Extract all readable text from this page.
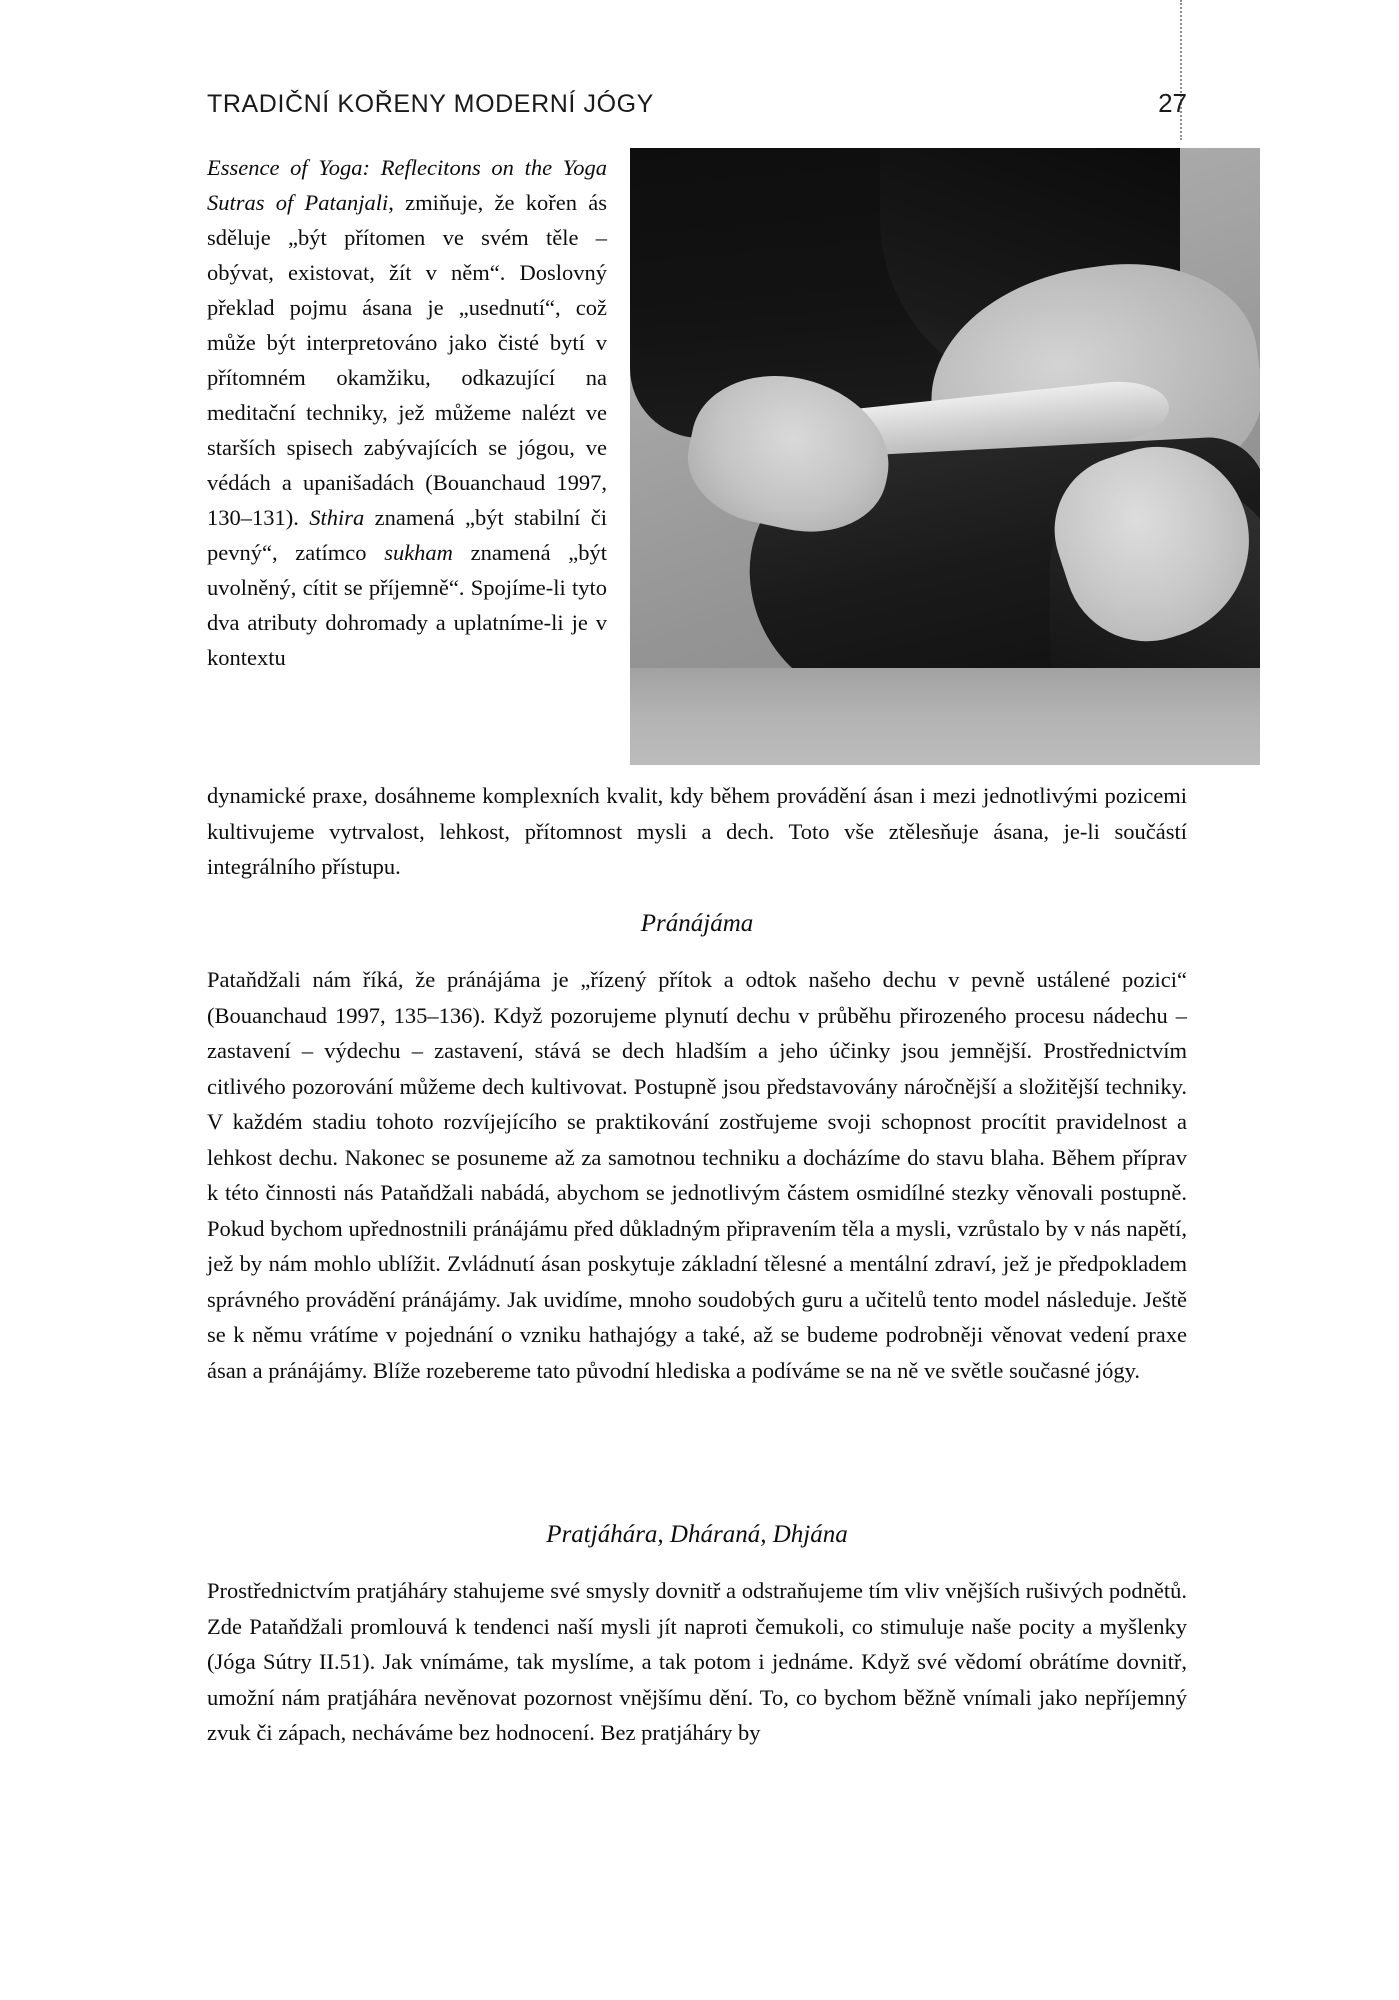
TRADIČNÍ KOŘENY MODERNÍ JÓGY	27

Essence of Yoga: Reflecitons on the Yoga Sutras of Patanjali, zmiňuje, že kořen ás sděluje „být přítomen ve svém těle – obývat, existovat, žít v něm“. Doslovný překlad pojmu ásana je „usednutí“, což může být interpretováno jako čisté bytí v přítomném okamžiku, odkazující na meditační techniky, jež můžeme nalézt ve starších spisech zabývajících se jógou, ve védách a upanišadách (Bouanchaud 1997, 130–131). Sthira znamená „být stabilní či pevný“, zatímco sukham znamená „být uvolněný, cítit se příjemně“. Spojíme-li tyto dva atributy dohromady a uplatníme-li je v kontextu

dynamické praxe, dosáhneme komplexních kvalit, kdy během provádění ásan i mezi jednotlivými pozicemi kultivujeme vytrvalost, lehkost, přítomnost mysli a dech. Toto vše ztělesňuje ásana, je-li součástí integrálního přístupu.

Pránájáma

Pataňdžali nám říká, že pránájáma je „řízený přítok a odtok našeho dechu v pevně ustálené pozici“ (Bouanchaud 1997, 135–136). Když pozorujeme plynutí dechu v průběhu přirozeného procesu nádechu – zastavení – výdechu – zastavení, stává se dech hladším a jeho účinky jsou jemnější. Prostřednictvím citlivého pozorování můžeme dech kultivovat. Postupně jsou představovány náročnější a složitější techniky. V každém stadiu tohoto rozvíjejícího se praktikování zostřujeme svoji schopnost procítit pravidelnost a lehkost dechu. Nakonec se posuneme až za samotnou techniku a docházíme do stavu blaha. Během příprav k této činnosti nás Pataňdžali nabádá, abychom se jednotlivým částem osmidílné stezky věnovali postupně. Pokud bychom upřednostnili pránájámu před důkladným připravením těla a mysli, vzrůstalo by v nás napětí, jež by nám mohlo ublížit. Zvládnutí ásan poskytuje základní tělesné a mentální zdraví, jež je předpokladem správného provádění pránájámy. Jak uvidíme, mnoho soudobých guru a učitelů tento model následuje. Ještě se k němu vrátíme v pojednání o vzniku hathajógy a také, až se budeme podrobněji věnovat vedení praxe ásan a pránájámy. Blíže rozebereme tato původní hlediska a podíváme se na ně ve světle současné jógy.

Pratjáhára, Dháraná, Dhjána

Prostřednictvím pratjáháry stahujeme své smysly dovnitř a odstraňujeme tím vliv vnějších rušivých podnětů. Zde Pataňdžali promlouvá k tendenci naší mysli jít naproti čemukoli, co stimuluje naše pocity a myšlenky (Jóga Sútry II.51). Jak vnímáme, tak myslíme, a tak potom i jednáme. Když své vědomí obrátíme dovnitř, umožní nám pratjáhára nevěnovat pozornost vnějšímu dění. To, co bychom běžně vnímali jako nepříjemný zvuk či zápach, necháváme bez hodnocení. Bez pratjáháry by
